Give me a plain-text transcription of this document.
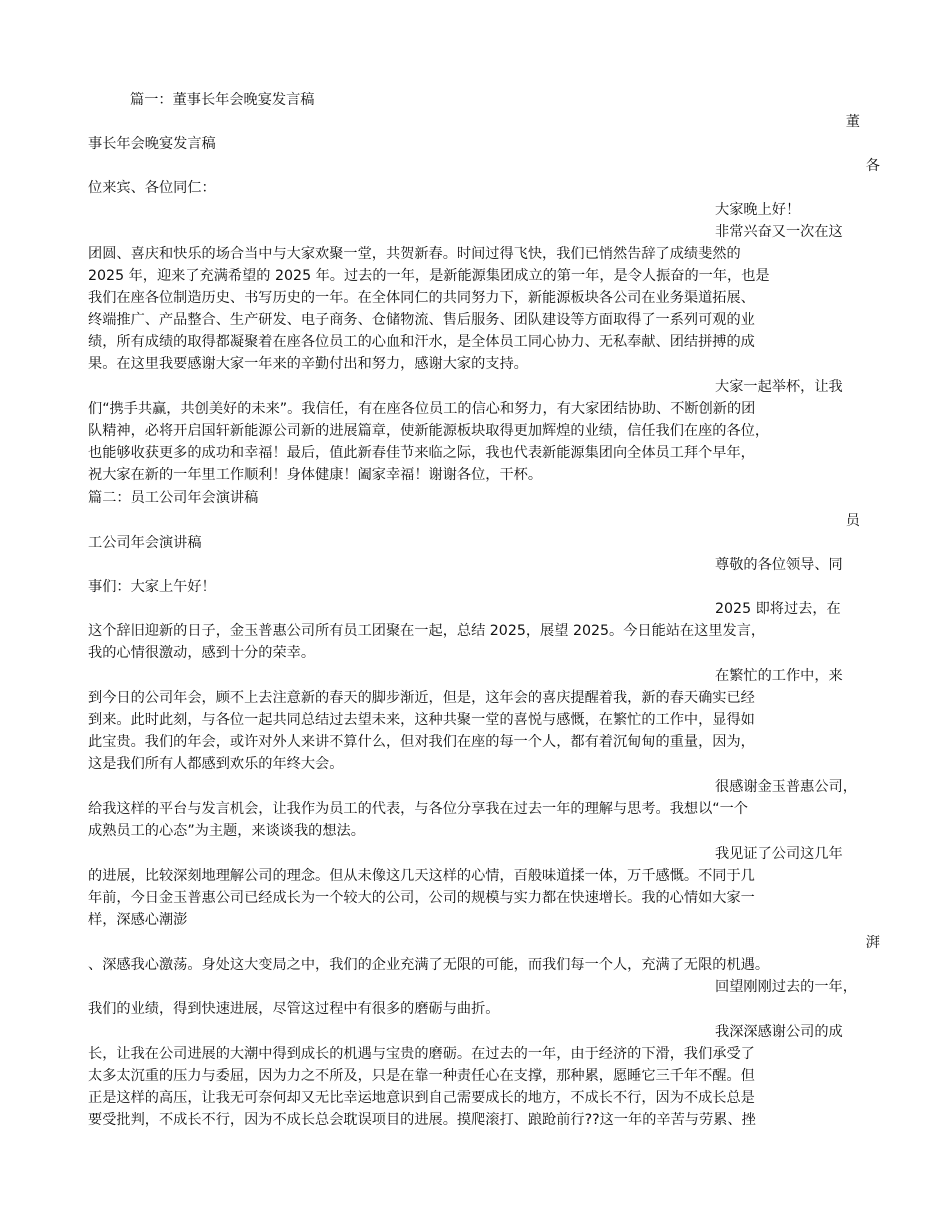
篇一：董事长年会晚宴发言稿
董
事长年会晚宴发言稿
各
位来宾、各位同仁：
大家晚上好！
非常兴奋又一次在这
团圆、喜庆和快乐的场合当中与大家欢聚一堂，共贺新春。时间过得飞快，我们已悄然告辞了成绩斐然的
2025 年，迎来了充满希望的 2025 年。过去的一年，是新能源集团成立的第一年，是令人振奋的一年，也是
我们在座各位制造历史、书写历史的一年。在全体同仁的共同努力下，新能源板块各公司在业务渠道拓展、
终端推广、产品整合、生产研发、电子商务、仓储物流、售后服务、团队建设等方面取得了一系列可观的业
绩，所有成绩的取得都凝聚着在座各位员工的心血和汗水，是全体员工同心协力、无私奉献、团结拼搏的成
果。在这里我要感谢大家一年来的辛勤付出和努力，感谢大家的支持。
大家一起举杯，让我
们“携手共赢，共创美好的未来”。我信任，有在座各位员工的信心和努力，有大家团结协助、不断创新的团
队精神，必将开启国轩新能源公司新的进展篇章，使新能源板块取得更加辉煌的业绩，信任我们在座的各位，
也能够收获更多的成功和幸福！最后，值此新春佳节来临之际，我也代表新能源集团向全体员工拜个早年，
祝大家在新的一年里工作顺利！身体健康！阖家幸福！谢谢各位，干杯。
篇二：员工公司年会演讲稿
员
工公司年会演讲稿
尊敬的各位领导、同
事们：大家上午好！
2025 即将过去，在
这个辞旧迎新的日子，金玉普惠公司所有员工团聚在一起，总结 2025，展望 2025。今日能站在这里发言，
我的心情很激动，感到十分的荣幸。
在繁忙的工作中，来
到今日的公司年会，顾不上去注意新的春天的脚步渐近，但是，这年会的喜庆提醒着我，新的春天确实已经
到来。此时此刻，与各位一起共同总结过去望未来，这种共聚一堂的喜悦与感慨，在繁忙的工作中，显得如
此宝贵。我们的年会，或许对外人来讲不算什么，但对我们在座的每一个人，都有着沉甸甸的重量，因为，
这是我们所有人都感到欢乐的年终大会。
很感谢金玉普惠公司，
给我这样的平台与发言机会，让我作为员工的代表，与各位分享我在过去一年的理解与思考。我想以“一个
成熟员工的心态”为主题，来谈谈我的想法。
我见证了公司这几年
的进展，比较深刻地理解公司的理念。但从未像这几天这样的心情，百般味道揉一体，万千感慨。不同于几
年前，今日金玉普惠公司已经成长为一个较大的公司，公司的规模与实力都在快速增长。我的心情如大家一
样，深感心潮澎
湃
、深感我心激荡。身处这大变局之中，我们的企业充满了无限的可能，而我们每一个人，充满了无限的机遇。
回望刚刚过去的一年，
我们的业绩，得到快速进展，尽管这过程中有很多的磨砺与曲折。
我深深感谢公司的成
长，让我在公司进展的大潮中得到成长的机遇与宝贵的磨砺。在过去的一年，由于经济的下滑，我们承受了
太多太沉重的压力与委屈，因为力之不所及，只是在靠一种责任心在支撑，那种累，愿睡它三千年不醒。但
正是这样的高压，让我无可奈何却又无比幸运地意识到自己需要成长的地方，不成长不行，因为不成长总是
要受批判，不成长不行，因为不成长总会耽误项目的进展。摸爬滚打、踉跄前行??这一年的辛苦与劳累、挫
